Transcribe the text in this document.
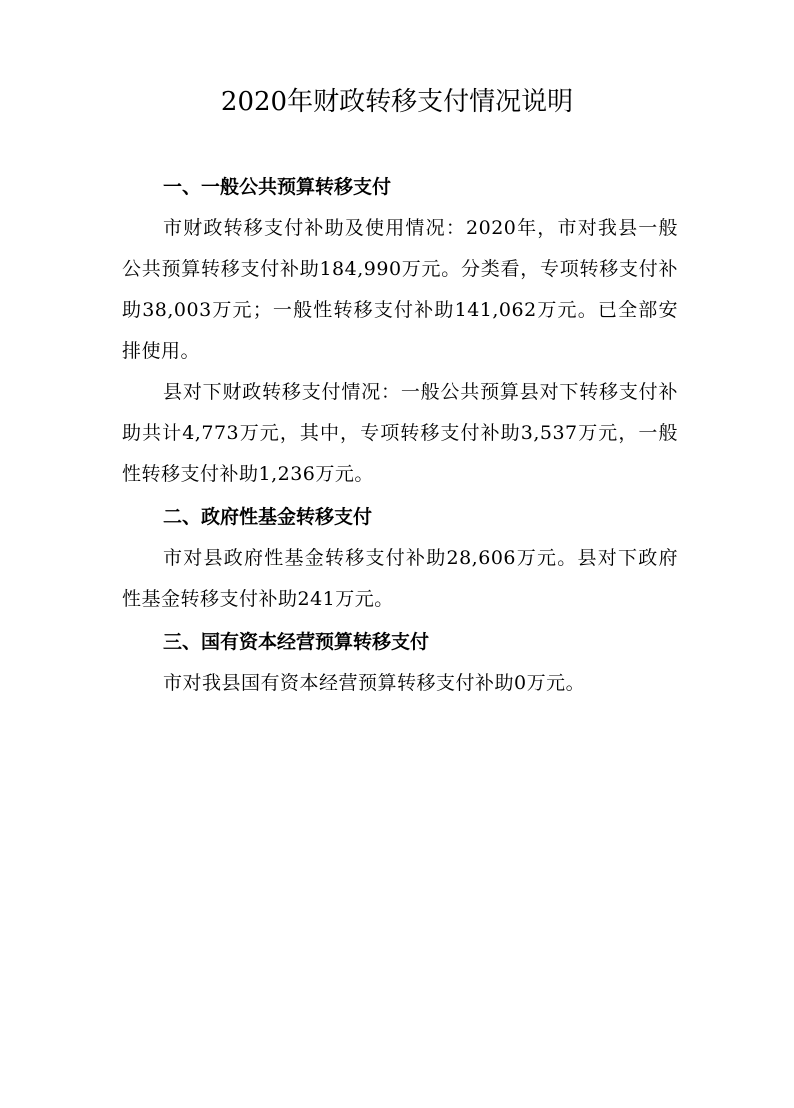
2020年财政转移支付情况说明
一、一般公共预算转移支付

市财政转移支付补助及使用情况：2020年，市对我县一般公共预算转移支付补助184,990万元。分类看，专项转移支付补助38,003万元；一般性转移支付补助141,062万元。已全部安排使用。

县对下财政转移支付情况：一般公共预算县对下转移支付补助共计4,773万元，其中，专项转移支付补助3,537万元，一般性转移支付补助1,236万元。

二、政府性基金转移支付

市对县政府性基金转移支付补助28,606万元。县对下政府性基金转移支付补助241万元。

三、国有资本经营预算转移支付

市对我县国有资本经营预算转移支付补助0万元。
